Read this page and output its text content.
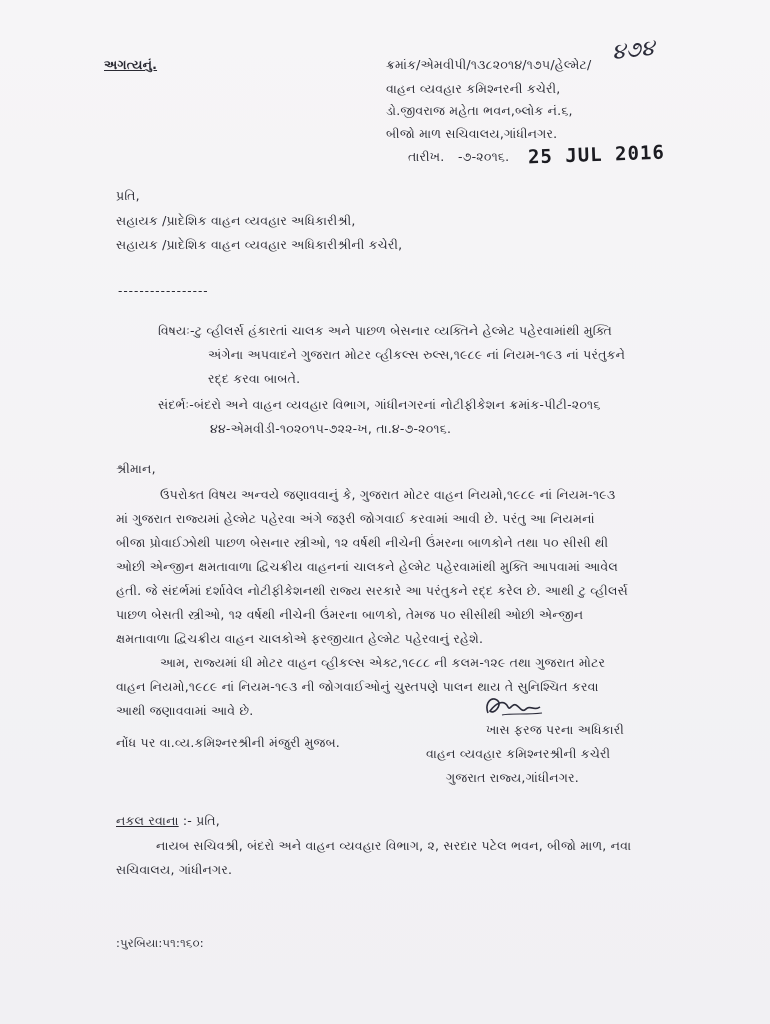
અગત્યનું.	ક્રમાંક/એમવીપી/૧૩૮૨૦૧૪/૧૭૫/હેલ્મેટ/ ૪૭૪
વાહન વ્યવહાર કમિશ્નરની કચેરી,
ડો.જીવરાજ મહેતા ભવન,બ્લોક નં.૬,
બીજો માળ સચિવાલય,ગાંધીનગર.
તારીખ. -૭-૨૦૧૬. 25 JUL 2016
પ્રતિ,
સહાયક /પ્રાદેશિક વાહન વ્યવહાર અધિકારીશ્રી,
સહાયક /પ્રાદેશિક વાહન વ્યવહાર અધિકારીશ્રીની કચેરી,
-----------------
વિષયઃ-ટુ વ્હીલર્સ હંકારતાં ચાલક અને પાછળ બેસનાર વ્યક્તિને હેલ્મેટ પહેરવામાંથી મુક્તિ
અંગેના અપવાદને ગુજરાત મોટર વ્હીકલ્સ રુલ્સ,૧૯૮૯ નાં નિયમ-૧૯૩ નાં પરંતુકને
રદ્દ કરવા બાબતે.
સંદર્ભઃ-બંદરો અને વાહન વ્યવહાર વિભાગ, ગાંધીનગરનાં નોટીફીકેશન ક્રમાંક-પીટી-૨૦૧૬
૪૪-એમવીડી-૧૦૨૦૧૫-૭૨૨-ખ, તા.૪-૭-૨૦૧૬.
શ્રીમાન,
ઉપરોક્ત વિષય અન્વયે જણાવવાનું કે, ગુજરાત મોટર વાહન નિયમો,૧૯૮૯ નાં નિયમ-૧૯૩
માં ગુજરાત રાજ્યમાં હેલ્મેટ પહેરવા અંગે જરૂરી જોગવાઈ કરવામાં આવી છે. પરંતુ આ નિયમનાં
બીજા પ્રોવાઈઝોથી પાછળ બેસનાર સ્ત્રીઓ, ૧૨ વર્ષથી નીચેની ઉંમરના બાળકોને તથા ૫૦ સીસી થી
ઓછી એન્જીન ક્ષમતાવાળા દ્વિચક્રીય વાહનનાં ચાલકને હેલ્મેટ પહેરવામાંથી મુક્તિ આપવામાં આવેલ
હતી. જે સંદર્ભમાં દર્શાવેલ નોટીફીકેશનથી રાજ્ય સરકારે આ પરંતુકને રદ્દ કરેલ છે. આથી ટુ વ્હીલર્સ
પાછળ બેસતી સ્ત્રીઓ, ૧૨ વર્ષથી નીચેની ઉંમરના બાળકો, તેમજ ૫૦ સીસીથી ઓછી એન્જીન
ક્ષમતાવાળા દ્વિચક્રીય વાહન ચાલકોએ ફરજીયાત હેલ્મેટ પહેરવાનું રહેશે.
આમ, રાજ્યમાં ધી મોટર વાહન વ્હીકલ્સ એક્ટ,૧૯૮૮ ની કલમ-૧૨૯ તથા ગુજરાત મોટર
વાહન નિયમો,૧૯૮૯ નાં નિયમ-૧૯૩ ની જોગવાઈઓનું ચુસ્તપણે પાલન થાય તે સુનિશ્ચિત કરવા
આથી જણાવવામાં આવે છે.
નોંધ પર વા.વ્ય.કમિશ્નરશ્રીની મંજુરી મુજબ.
ખાસ ફરજ પરના અધિકારી
વાહન વ્યવહાર કમિશ્નરશ્રીની કચેરી
ગુજરાત રાજ્ય,ગાંધીનગર.
નકલ રવાના :- પ્રતિ,
નાયબ સચિવશ્રી, બંદરો અને વાહન વ્યવહાર વિભાગ, ૨, સરદાર પટેલ ભવન, બીજો માળ, નવા
સચિવાલય, ગાંધીનગર.
:પુરબિયા:૫૧:૧૬૦:
